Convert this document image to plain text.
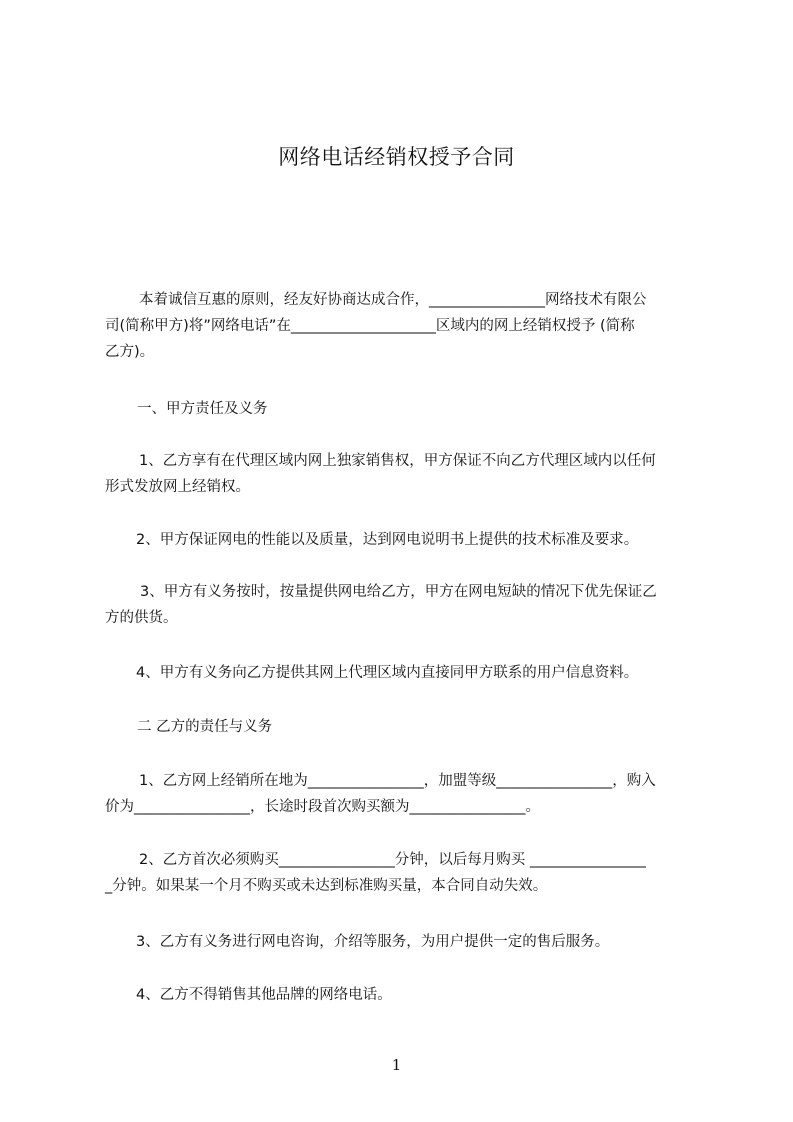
网络电话经销权授予合同
本着诚信互惠的原则，经友好协商达成合作，________________网络技术有限公
司(简称甲方)将”网络电话”在____________________区域内的网上经销权授予 (简称
乙方)。
一、甲方责任及义务
1、乙方享有在代理区域内网上独家销售权，甲方保证不向乙方代理区域内以任何
形式发放网上经销权。
2、甲方保证网电的性能以及质量，达到网电说明书上提供的技术标准及要求。
3、甲方有义务按时，按量提供网电给乙方，甲方在网电短缺的情况下优先保证乙
方的供货。
4、甲方有义务向乙方提供其网上代理区域内直接同甲方联系的用户信息资料。
二 乙方的责任与义务
1、乙方网上经销所在地为________________，加盟等级________________，购入
价为________________，长途时段首次购买额为________________。
2、乙方首次必须购买________________分钟，以后每月购买 ________________
_分钟。如果某一个月不购买或未达到标准购买量，本合同自动失效。
3、乙方有义务进行网电咨询，介绍等服务，为用户提供一定的售后服务。
4、乙方不得销售其他品牌的网络电话。
1
